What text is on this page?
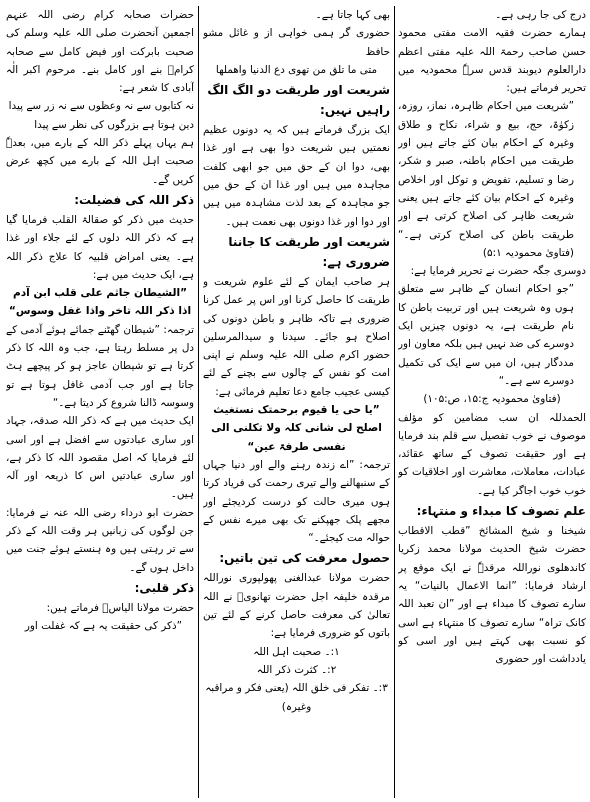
درج کی جا رہی ہے۔

ہمارے حضرت فقیہ الامت مفتی محمود حسن صاحب رحمۃ اللہ علیہ مفتی اعظم دارالعلوم دیوبند قدس سرہٗ محمودیہ میں تحریر فرماتے ہیں:

”شریعت میں احکام ظاہرہ، نماز، روزہ، زکوٰۃ، حج، بیع و شراء، نکاح و طلاق وغیرہ کے احکام بیان کئے جاتے ہیں اور طریقت میں احکام باطنہ، صبر و شکر، رضا و تسلیم، تفویض و توکل اور اخلاص وغیرہ کے احکام بیان کئے جاتے ہیں یعنی شریعت ظاہر کی اصلاح کرتی ہے اور طریقت باطن کی اصلاح کرتی ہے۔“ (فتاویٰ محمودیہ ۵:۱)

دوسری جگہ حضرت نے تحریر فرمایا ہے:

”جو احکام انسان کے ظاہر سے متعلق ہوں وہ شریعت ہیں اور تربیت باطن کا نام طریقت ہے، یہ دونوں چیزیں ایک دوسرے کی ضد نہیں ہیں بلکہ معاون اور مددگار ہیں، ان میں سے ایک کی تکمیل دوسرے سے ہے۔“

(فتاویٰ محمودیہ ج:۱۵، ص:۱۰۵)

الحمدللہ ان سب مضامین کو مؤلف موصوف نے خوب تفصیل سے قلم بند فرمایا ہے اور حقیقت تصوف کے ساتھ عقائد، عبادات، معاملات، معاشرت اور اخلاقیات کو خوب خوب اجاگر کیا ہے۔

علم تصوف کا مبداء و منتہاء:

شیخنا و شیخ المشائخ ”قطب الاقطاب حضرت شیخ الحدیث مولانا محمد زکریا کاندھلوی نوراللہ مرقدہٗ نے ایک موقع پر ارشاد فرمایا: ”انما الاعمال بالنیات“ یہ سارے تصوف کا مبداء ہے اور ”ان تعبد اللہ کانک تراہ“ سارے تصوف کا منتہاء ہے اسی کو نسبت بھی کہتے ہیں اور اسی کو یادداشت اور حضوری

بھی کہا جاتا ہے۔

حضوری گر ہمی خواہی از و غائل مشو حافظ

متی ما تلق من تھوی دع الدنیا واھملھا

شریعت اور طریقت دو الگ الگ راہیں نہیں:

ایک بزرگ فرماتے ہیں کہ یہ دونوں عظیم نعمتیں ہیں شریعت دوا بھی ہے اور غذا بھی، دوا ان کے حق میں جو ابھی کلفت مجاہدہ میں ہیں اور غذا ان کے حق میں جو مجاہدہ کے بعد لذت مشاہدہ میں ہیں اور دوا اور غذا دونوں بھی نعمت ہیں۔

شریعت اور طریقت کا جاننا ضروری ہے:

ہر صاحب ایمان کے لئے علوم شریعت و طریقت کا حاصل کرنا اور اس پر عمل کرنا ضروری ہے تاکہ ظاہر و باطن دونوں کی اصلاح ہو جائے۔ سیدنا و سیدالمرسلین حضور اکرم صلی اللہ علیہ وسلم نے اپنی امت کو نفس کے چالوں سے بچنے کے لئے کیسی عجیب جامع دعا تعلیم فرمائی ہے:

”یا حی یا قیوم برحمتک نستغیث اصلح لی شانی کلہ ولا تکلنی الی نفسی طرفۃ عین“

ترجمہ: ”اے زندہ رہنے والے اور دنیا جہاں کے سنبھالنے والے تیری رحمت کی فریاد کرتا ہوں میری حالت کو درست کردیجئے اور مجھے پلک جھپکنے تک بھی میرے نفس کے حوالہ مت کیجئے۔“

حصول معرفت کی تین باتیں:

حضرت مولانا عبدالغنی پھولپوری نوراللہ مرقدہ خلیفہ اجل حضرت تھانویؒ نے اللہ تعالیٰ کی معرفت حاصل کرنے کے لئے تین باتوں کو ضروری فرمایا ہے:

۱:۔ صحبت اہل اللہ

۲:۔ کثرت ذکر اللہ

۳:۔ تفکر فی خلق اللہ (یعنی فکر و مراقبہ وغیرہ)

حضرات صحابہ کرام رضی اللہ عنہم اجمعین آنحضرت صلی اللہ علیہ وسلم کی صحبت بابرکت اور فیض کامل سے صحابہ کرامؓ بنے اور کامل بنے۔ مرحوم اکبر الٰہ آبادی کا شعر ہے:

نہ کتابوں سے نہ وعظوں سے نہ زر سے پیدا

دین ہوتا ہے بزرگوں کی نظر سے پیدا

ہم یہاں پہلے ذکر اللہ کے بارے میں، بعدہٗ صحبت اہل اللہ کے بارے میں کچھ عرض کریں گے۔

ذکر اللہ کی فضیلت:

حدیث میں ذکر کو صقالۃ القلب فرمایا گیا ہے کہ ذکر اللہ دلوں کے لئے جلاء اور غذا ہے۔ یعنی امراض قلبیہ کا علاج ذکر اللہ ہے، ایک حدیث میں ہے:

”الشیطان جاثم علی قلب ابن آدم اذا ذکر اللہ تاخر واذا غفل وسوس“

ترجمہ: ”شیطان گھٹنے جمائے ہوئے آدمی کے دل پر مسلط رہتا ہے، جب وہ اللہ کا ذکر کرتا ہے تو شیطان عاجز ہو کر پیچھے ہٹ جاتا ہے اور جب آدمی غافل ہوتا ہے تو وسوسہ ڈالنا شروع کر دیتا ہے۔“

ایک حدیث میں ہے کہ ذکر اللہ صدقہ، جہاد اور ساری عبادتوں سے افضل ہے اور اسی لئے فرمایا کہ اصل مقصود اللہ کا ذکر ہے، اور ساری عبادتیں اس کا ذریعہ اور آلہ ہیں۔

حضرت ابو درداء رضی اللہ عنہ نے فرمایا: جن لوگوں کی زبانیں ہر وقت اللہ کے ذکر سے تر رہتی ہیں وہ ہنستے ہوئے جنت میں داخل ہوں گے۔

ذکر قلبی:

حضرت مولانا الیاسؒ فرماتے ہیں:

”ذکر کی حقیقت یہ ہے کہ غفلت اور
